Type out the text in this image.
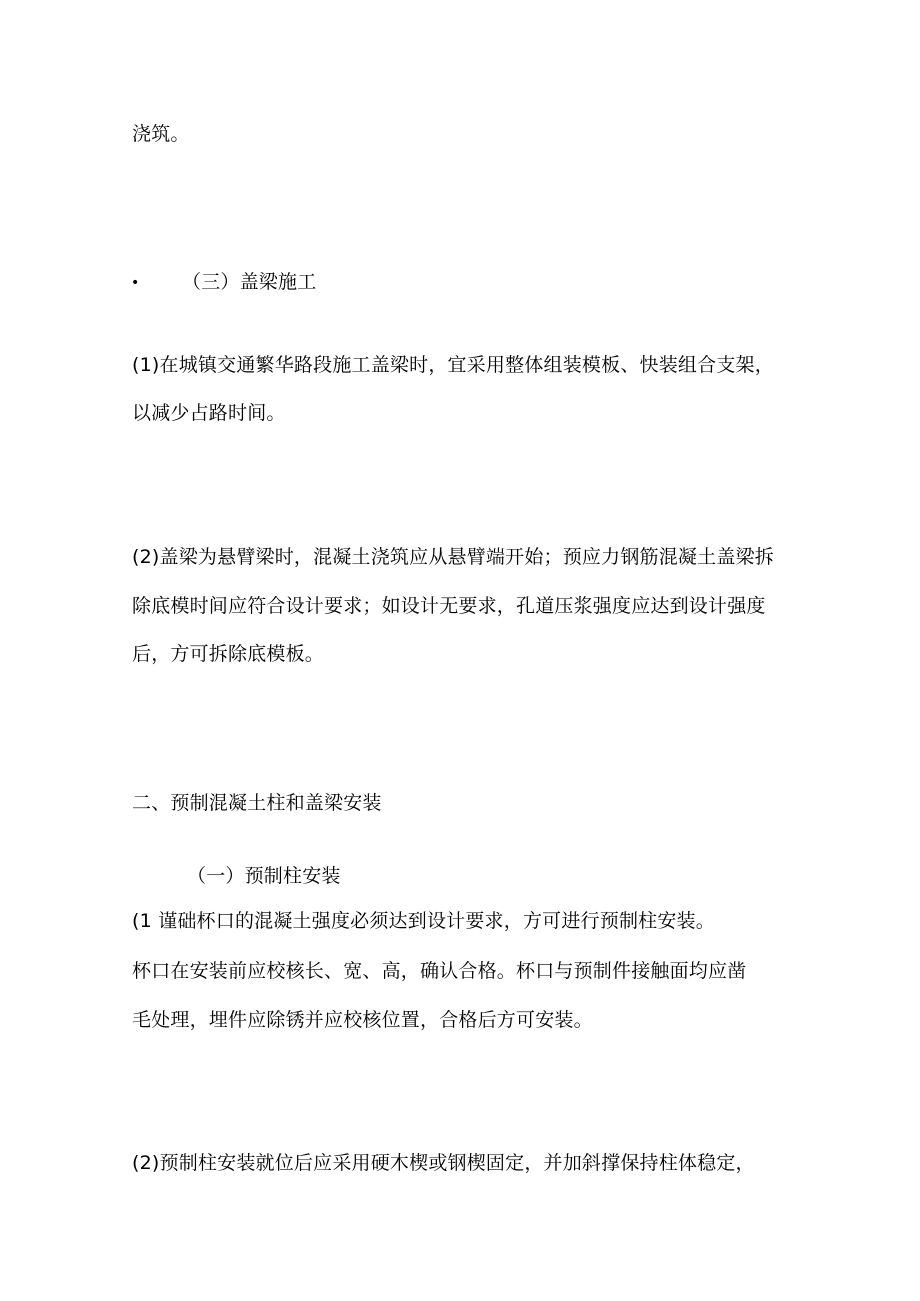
浇筑。
• （三）盖梁施工
(1)在城镇交通繁华路段施工盖梁时，宜采用整体组装模板、快装组合支架，
以减少占路时间。
(2)盖梁为悬臂梁时，混凝土浇筑应从悬臂端开始；预应力钢筋混凝土盖梁拆
除底模时间应符合设计要求；如设计无要求，孔道压浆强度应达到设计强度
后，方可拆除底模板。
二、预制混凝土柱和盖梁安装
（一）预制柱安装
(1 谨础杯口的混凝土强度必须达到设计要求，方可进行预制柱安装。
杯口在安装前应校核长、宽、高，确认合格。杯口与预制件接触面均应凿
毛处理，埋件应除锈并应校核位置，合格后方可安装。
(2)预制柱安装就位后应采用硬木楔或钢楔固定，并加斜撑保持柱体稳定，
